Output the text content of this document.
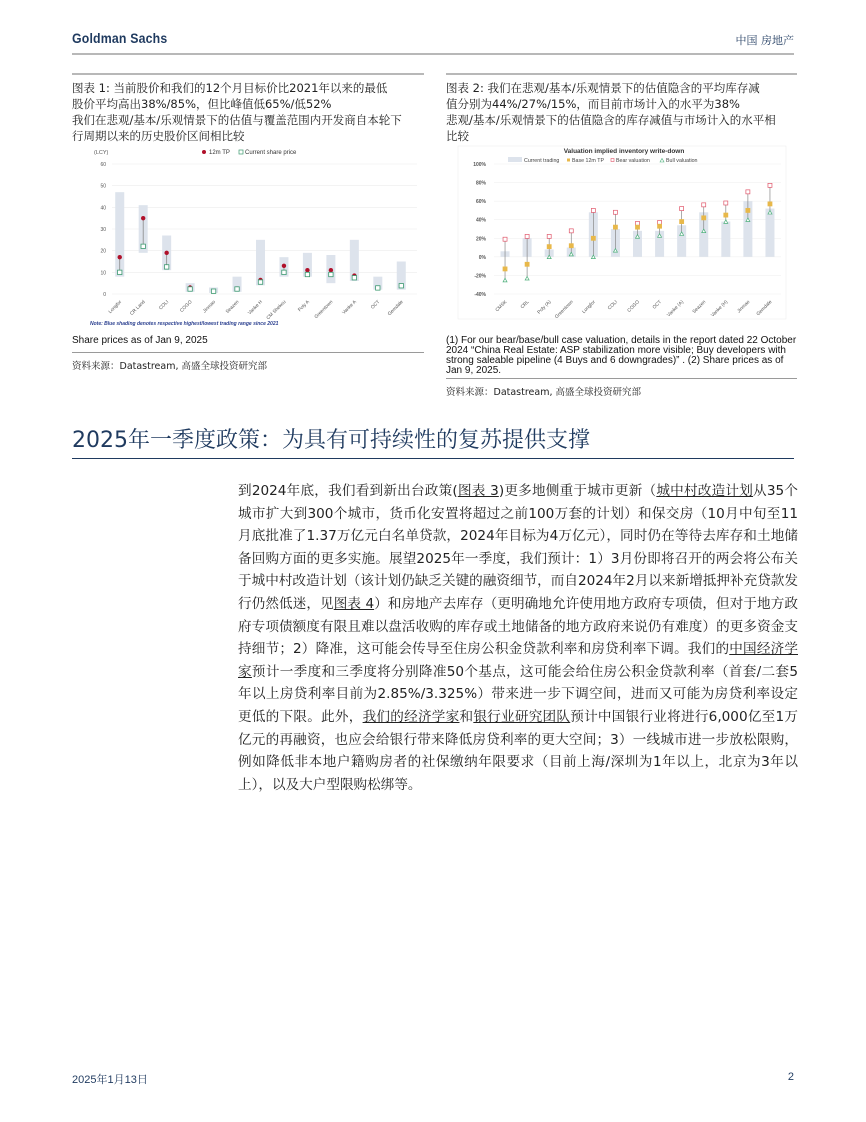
Goldman Sachs	中国 房地产
图表 1: 当前股价和我们的12个月目标价比2021年以来的最低
股价平均高出38%/85%，但比峰值低65%/低52%
我们在悲观/基本/乐观情景下的估值与覆盖范围内开发商自本轮下
行周期以来的历史股价区间相比较
图表 2: 我们在悲观/基本/乐观情景下的估值隐含的平均库存减
值分别为44%/27%/15%，而目前市场计入的水平为38%
悲观/基本/乐观情景下的估值隐含的库存减值与市场计入的水平相
比较
(LCY)
0
10
20
30
40
50
60
12m TP	Current share price
Longfor CR Land	COLI COGO Jinmao Seazen Vanke H CM Shekou Poly A Greentown Vanke A	OCT Gemdale
Note: Blue shading denotes respective highest/lowest trading range since 2021
Valuation implied inventory write-down
Current trading Base 12m TP Bear valuation	Bull valuation
-40%
-20%
0%
20%
40%
60%
80%
100%
CMSK CRL Poly (A) Greentown Longfor COLI COGO OCT Vanke (A) Seazen Vanke (H) Jinmao Gemdale
Share prices as of Jan 9, 2025
资料来源：Datastream, 高盛全球投资研究部
(1) For our bear/base/bull case valuation, details in the report dated 22 October
2024 “China Real Estate: ASP stabilization more visible; Buy developers with
strong saleable pipeline (4 Buys and 6 downgrades)” . (2) Share prices as of
Jan 9, 2025.
资料来源：Datastream, 高盛全球投资研究部
2025年一季度政策：为具有可持续性的复苏提供支撑
到2024年底，我们看到新出台政策(图表 3)更多地侧重于城市更新（城中村改造计划从35个城市扩大到300个城市，货币化安置将超过之前100万套的计划）和保交房（10月中旬至11月底批准了1.37万亿元白名单贷款，2024年目标为4万亿元），同时仍在等待去库存和土地储备回购方面的更多实施。展望2025年一季度，我们预计：1）3月份即将召开的两会将公布关于城中村改造计划（该计划仍缺乏关键的融资细节，而自2024年2月以来新增抵押补充贷款发行仍然低迷，见图表 4）和房地产去库存（更明确地允许使用地方政府专项债，但对于地方政府专项债额度有限且难以盘活收购的库存或土地储备的地方政府来说仍有难度）的更多资金支持细节；2）降准，这可能会传导至住房公积金贷款利率和房贷利率下调。我们的中国经济学家预计一季度和三季度将分别降准50个基点，这可能会给住房公积金贷款利率（首套/二套5年以上房贷利率目前为2.85%/3.325%）带来进一步下调空间，进而又可能为房贷利率设定更低的下限。此外，我们的经济学家和银行业研究团队预计中国银行业将进行6,000亿至1万亿元的再融资，也应会给银行带来降低房贷利率的更大空间；3）一线城市进一步放松限购，例如降低非本地户籍购房者的社保缴纳年限要求（目前上海/深圳为1年以上，北京为3年以上），以及大户型限购松绑等。
2025年1月13日	2
